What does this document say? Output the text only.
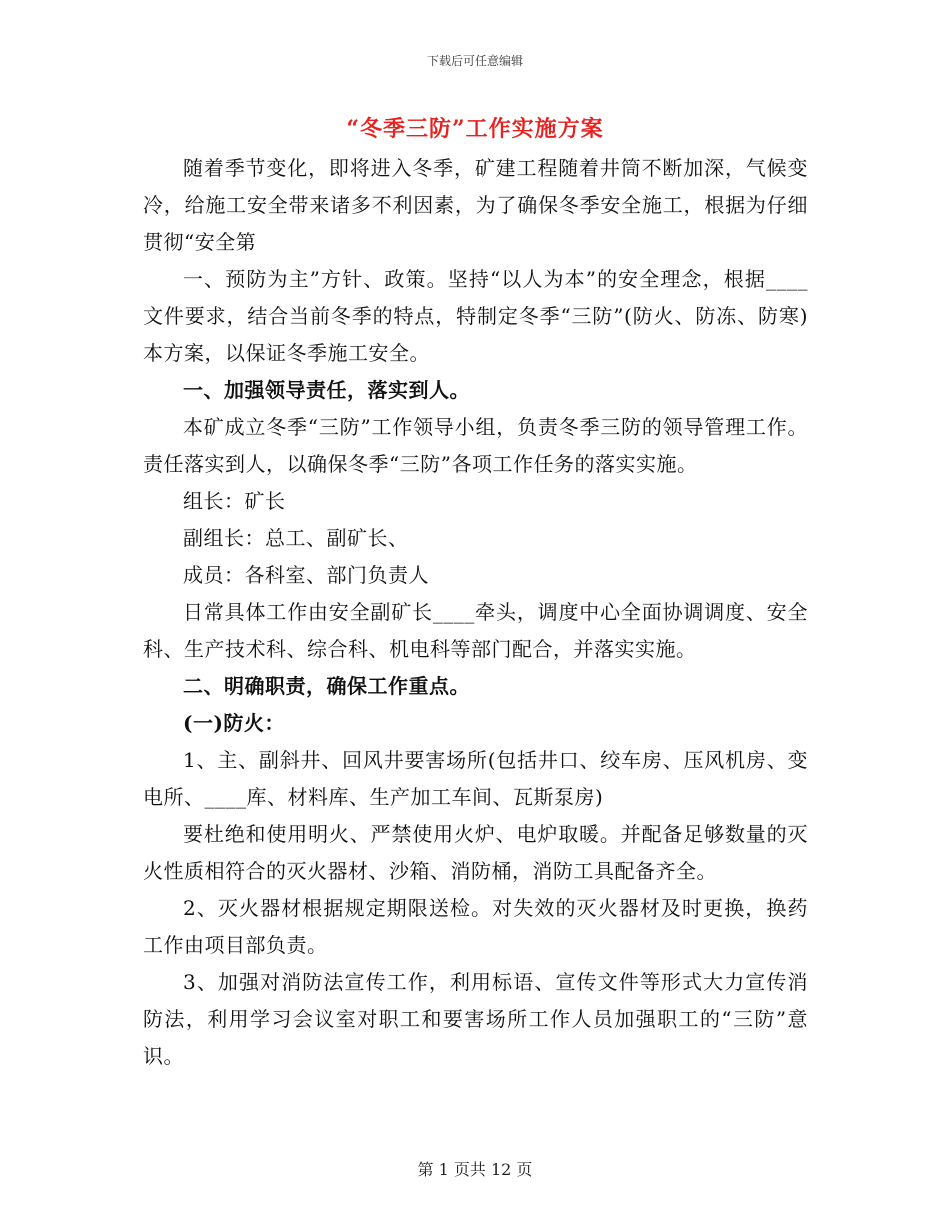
下载后可任意编辑
“冬季三防”工作实施方案

随着季节变化，即将进入冬季，矿建工程随着井筒不断加深，气候变冷，给施工安全带来诸多不利因素，为了确保冬季安全施工，根据为仔细贯彻“安全第

一、预防为主”方针、政策。坚持“以人为本”的安全理念，根据____文件要求，结合当前冬季的特点，特制定冬季“三防”(防火、防冻、防寒)本方案，以保证冬季施工安全。

一、加强领导责任，落实到人。

本矿成立冬季“三防”工作领导小组，负责冬季三防的领导管理工作。责任落实到人，以确保冬季“三防”各项工作任务的落实实施。

组长：矿长

副组长：总工、副矿长、

成员：各科室、部门负责人

日常具体工作由安全副矿长____牵头，调度中心全面协调调度、安全科、生产技术科、综合科、机电科等部门配合，并落实实施。

二、明确职责，确保工作重点。

(一)防火：

1、主、副斜井、回风井要害场所(包括井口、绞车房、压风机房、变电所、____库、材料库、生产加工车间、瓦斯泵房)

要杜绝和使用明火、严禁使用火炉、电炉取暖。并配备足够数量的灭火性质相符合的灭火器材、沙箱、消防桶，消防工具配备齐全。

2、灭火器材根据规定期限送检。对失效的灭火器材及时更换，换药工作由项目部负责。

3、加强对消防法宣传工作，利用标语、宣传文件等形式大力宣传消防法，利用学习会议室对职工和要害场所工作人员加强职工的“三防”意识。

第 1 页共 12 页
